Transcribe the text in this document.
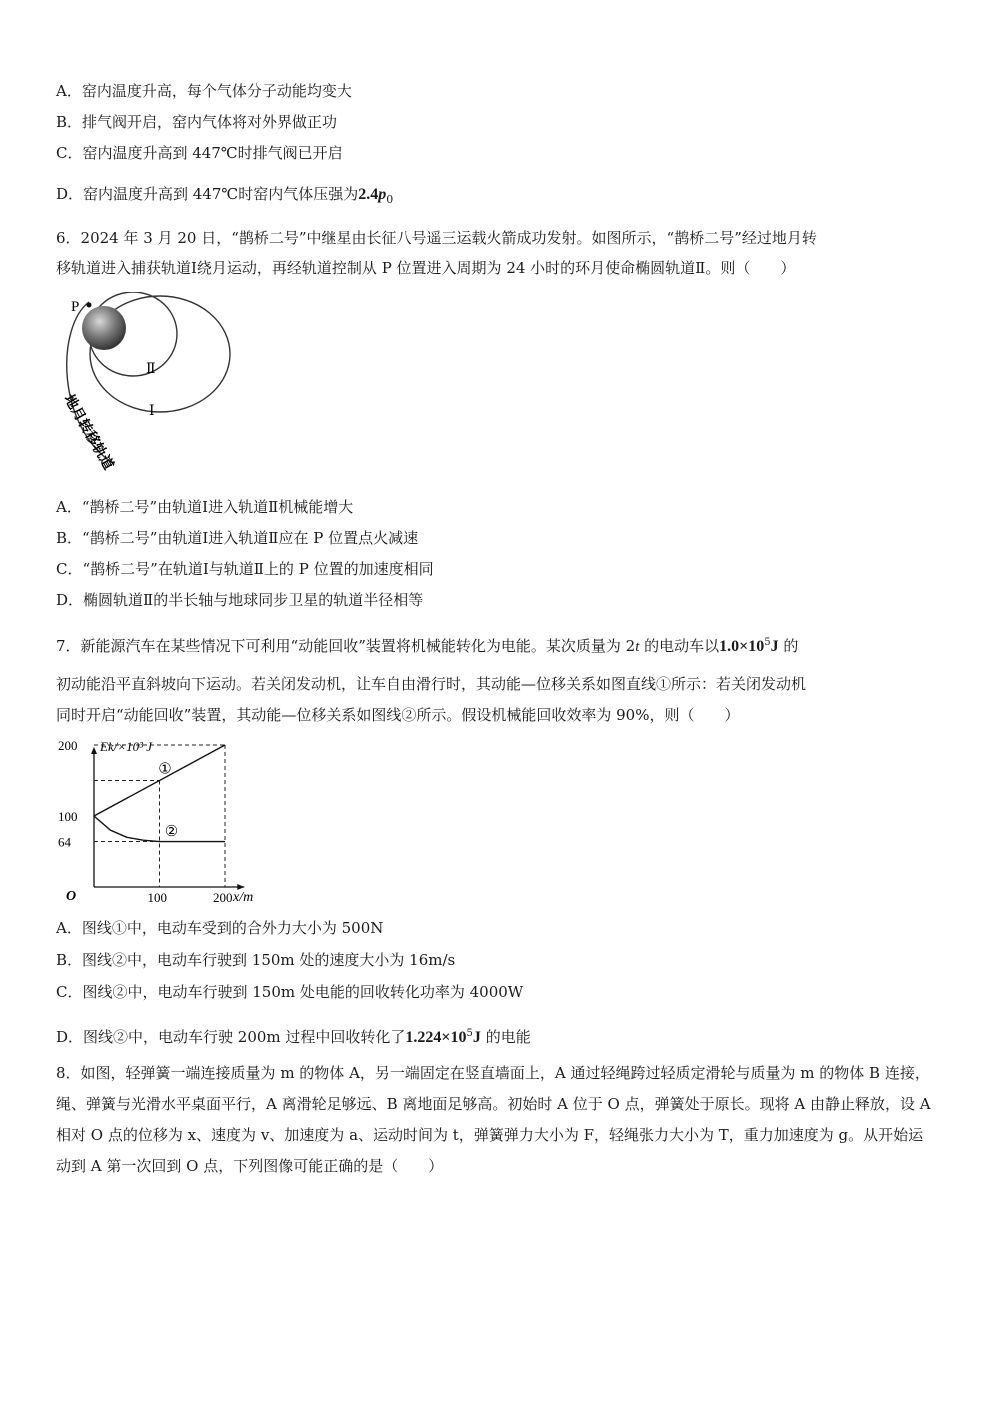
A．窑内温度升高，每个气体分子动能均变大
B．排气阀开启，窑内气体将对外界做正功
C．窑内温度升高到 447℃时排气阀已开启
D．窑内温度升高到 447℃时窑内气体压强为$2.4p_0$
6．2024 年 3 月 20 日，“鹊桥二号”中继星由长征八号遥三运载火箭成功发射。如图所示，“鹊桥二号”经过地月转
移轨道进入捕获轨道Ⅰ绕月运动，再经轨道控制从 P 位置进入周期为 24 小时的环月使命椭圆轨道Ⅱ。则（　　）
P
Ⅱ
Ⅰ
地月转移轨道
A．“鹊桥二号”由轨道Ⅰ进入轨道Ⅱ机械能增大
B．“鹊桥二号”由轨道Ⅰ进入轨道Ⅱ应在 P 位置点火减速
C．“鹊桥二号”在轨道Ⅰ与轨道Ⅱ上的 P 位置的加速度相同
D．椭圆轨道Ⅱ的半长轴与地球同步卫星的轨道半径相等
7．新能源汽车在某些情况下可利用“动能回收”装置将机械能转化为电能。某次质量为 2t 的电动车以$1.0\times 10^5J$ 的
初动能沿平直斜坡向下运动。若关闭发动机，让车自由滑行时，其动能—位移关系如图直线①所示：若关闭发动机
同时开启“动能回收”装置，其动能—位移关系如图线②所示。假设机械能回收效率为 90%，则（　　）
Ek/×10³ J
x/m
O
64
100
200
100	200
①
②
A．图线①中，电动车受到的合外力大小为 500N
B．图线②中，电动车行驶到 150m 处的速度大小为 16m/s
C．图线②中，电动车行驶到 150m 处电能的回收转化功率为 4000W
D．图线②中，电动车行驶 200m 过程中回收转化了$1.224\times 10^5J$ 的电能
8．如图，轻弹簧一端连接质量为 m 的物体 A，另一端固定在竖直墙面上，A 通过轻绳跨过轻质定滑轮与质量为 m 的物体 B 连接，绳、弹簧与光滑水平桌面平行，A 离滑轮足够远、B 离地面足够高。初始时 A 位于 O 点，弹簧处于原长。现将 A 由静止释放，设 A 相对 O 点的位移为 x、速度为 v、加速度为 a、运动时间为 t，弹簧弹力大小为 F，轻绳张力大小为 T，重力加速度为 g。从开始运动到 A 第一次回到 O 点，下列图像可能正确的是（　　）
